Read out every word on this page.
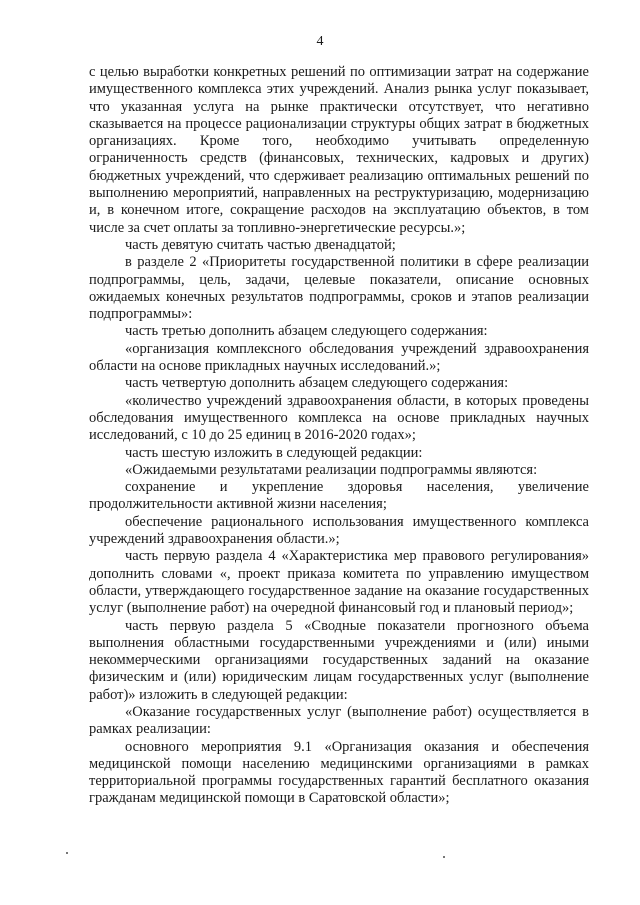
4

с целью выработки конкретных решений по оптимизации затрат на содержание имущественного комплекса этих учреждений. Анализ рынка услуг показывает, что указанная услуга на рынке практически отсутствует, что негативно сказывается на процессе рационализации структуры общих затрат в бюджетных организациях. Кроме того, необходимо учитывать определенную ограниченность средств (финансовых, технических, кадровых и других) бюджетных учреждений, что сдерживает реализацию оптимальных решений по выполнению мероприятий, направленных на реструктуризацию, модернизацию и, в конечном итоге, сокращение расходов на эксплуатацию объектов, в том числе за счет оплаты за топливно-энергетические ресурсы.»;

часть девятую считать частью двенадцатой;

в разделе 2 «Приоритеты государственной политики в сфере реализации подпрограммы, цель, задачи, целевые показатели, описание основных ожидаемых конечных результатов подпрограммы, сроков и этапов реализации подпрограммы»:

часть третью дополнить абзацем следующего содержания:

«организация комплексного обследования учреждений здравоохранения области на основе прикладных научных исследований.»;

часть четвертую дополнить абзацем следующего содержания:

«количество учреждений здравоохранения области, в которых проведены обследования имущественного комплекса на основе прикладных научных исследований, с 10 до 25 единиц в 2016-2020 годах»;

часть шестую изложить в следующей редакции:

«Ожидаемыми результатами реализации подпрограммы являются:

сохранение и укрепление здоровья населения, увеличение продолжительности активной жизни населения;

обеспечение рационального использования имущественного комплекса учреждений здравоохранения области.»;

часть первую раздела 4 «Характеристика мер правового регулирования» дополнить словами «, проект приказа комитета по управлению имуществом области, утверждающего государственное задание на оказание государственных услуг (выполнение работ) на очередной финансовый год и плановый период»;

часть первую раздела 5 «Сводные показатели прогнозного объема выполнения областными государственными учреждениями и (или) иными некоммерческими организациями государственных заданий на оказание физическим и (или) юридическим лицам государственных услуг (выполнение работ)» изложить в следующей редакции:

«Оказание государственных услуг (выполнение работ) осуществляется в рамках реализации:

основного мероприятия 9.1 «Организация оказания и обеспечения медицинской помощи населению медицинскими организациями в рамках территориальной программы государственных гарантий бесплатного оказания гражданам медицинской помощи в Саратовской области»;
